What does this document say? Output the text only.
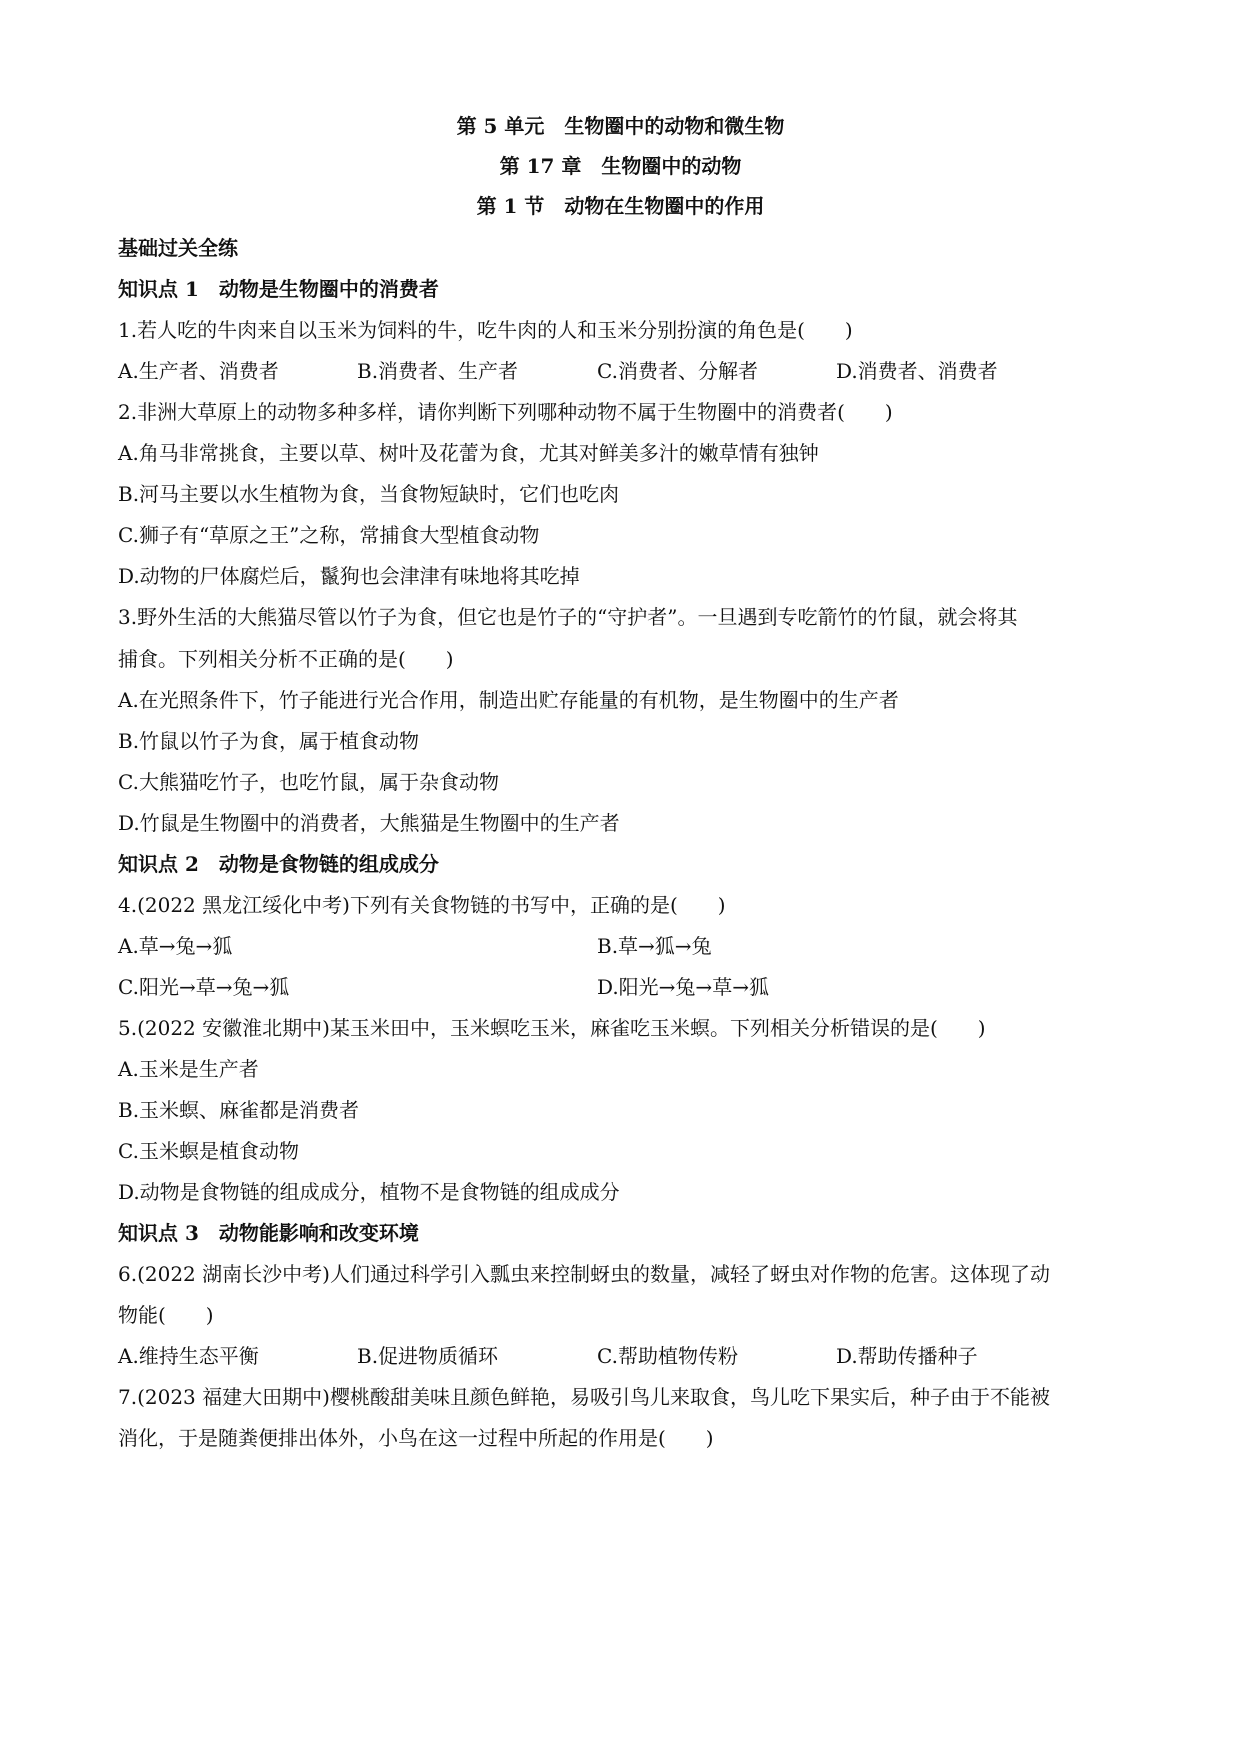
第 5 单元　生物圈中的动物和微生物
第 17 章　生物圈中的动物
第 1 节　动物在生物圈中的作用
基础过关全练
知识点 1　动物是生物圈中的消费者
1.若人吃的牛肉来自以玉米为饲料的牛，吃牛肉的人和玉米分别扮演的角色是(　　)
A.生产者、消费者	B.消费者、生产者	C.消费者、分解者	D.消费者、消费者
2.非洲大草原上的动物多种多样，请你判断下列哪种动物不属于生物圈中的消费者(　　)
A.角马非常挑食，主要以草、树叶及花蕾为食，尤其对鲜美多汁的嫩草情有独钟
B.河马主要以水生植物为食，当食物短缺时，它们也吃肉
C.狮子有“草原之王”之称，常捕食大型植食动物
D.动物的尸体腐烂后，鬣狗也会津津有味地将其吃掉
3.野外生活的大熊猫尽管以竹子为食，但它也是竹子的“守护者”。一旦遇到专吃箭竹的竹鼠，就会将其
捕食。下列相关分析不正确的是(　　)
A.在光照条件下，竹子能进行光合作用，制造出贮存能量的有机物，是生物圈中的生产者
B.竹鼠以竹子为食，属于植食动物
C.大熊猫吃竹子，也吃竹鼠，属于杂食动物
D.竹鼠是生物圈中的消费者，大熊猫是生物圈中的生产者
知识点 2　动物是食物链的组成成分
4.(2022 黑龙江绥化中考)下列有关食物链的书写中，正确的是(　　)
A.草→兔→狐	B.草→狐→兔
C.阳光→草→兔→狐	D.阳光→兔→草→狐
5.(2022 安徽淮北期中)某玉米田中，玉米螟吃玉米，麻雀吃玉米螟。下列相关分析错误的是(　　)
A.玉米是生产者
B.玉米螟、麻雀都是消费者
C.玉米螟是植食动物
D.动物是食物链的组成成分，植物不是食物链的组成成分
知识点 3　动物能影响和改变环境
6.(2022 湖南长沙中考)人们通过科学引入瓢虫来控制蚜虫的数量，减轻了蚜虫对作物的危害。这体现了动
物能(　　)
A.维持生态平衡	B.促进物质循环	C.帮助植物传粉	D.帮助传播种子
7.(2023 福建大田期中)樱桃酸甜美味且颜色鲜艳，易吸引鸟儿来取食，鸟儿吃下果实后，种子由于不能被
消化，于是随粪便排出体外，小鸟在这一过程中所起的作用是(　　)
